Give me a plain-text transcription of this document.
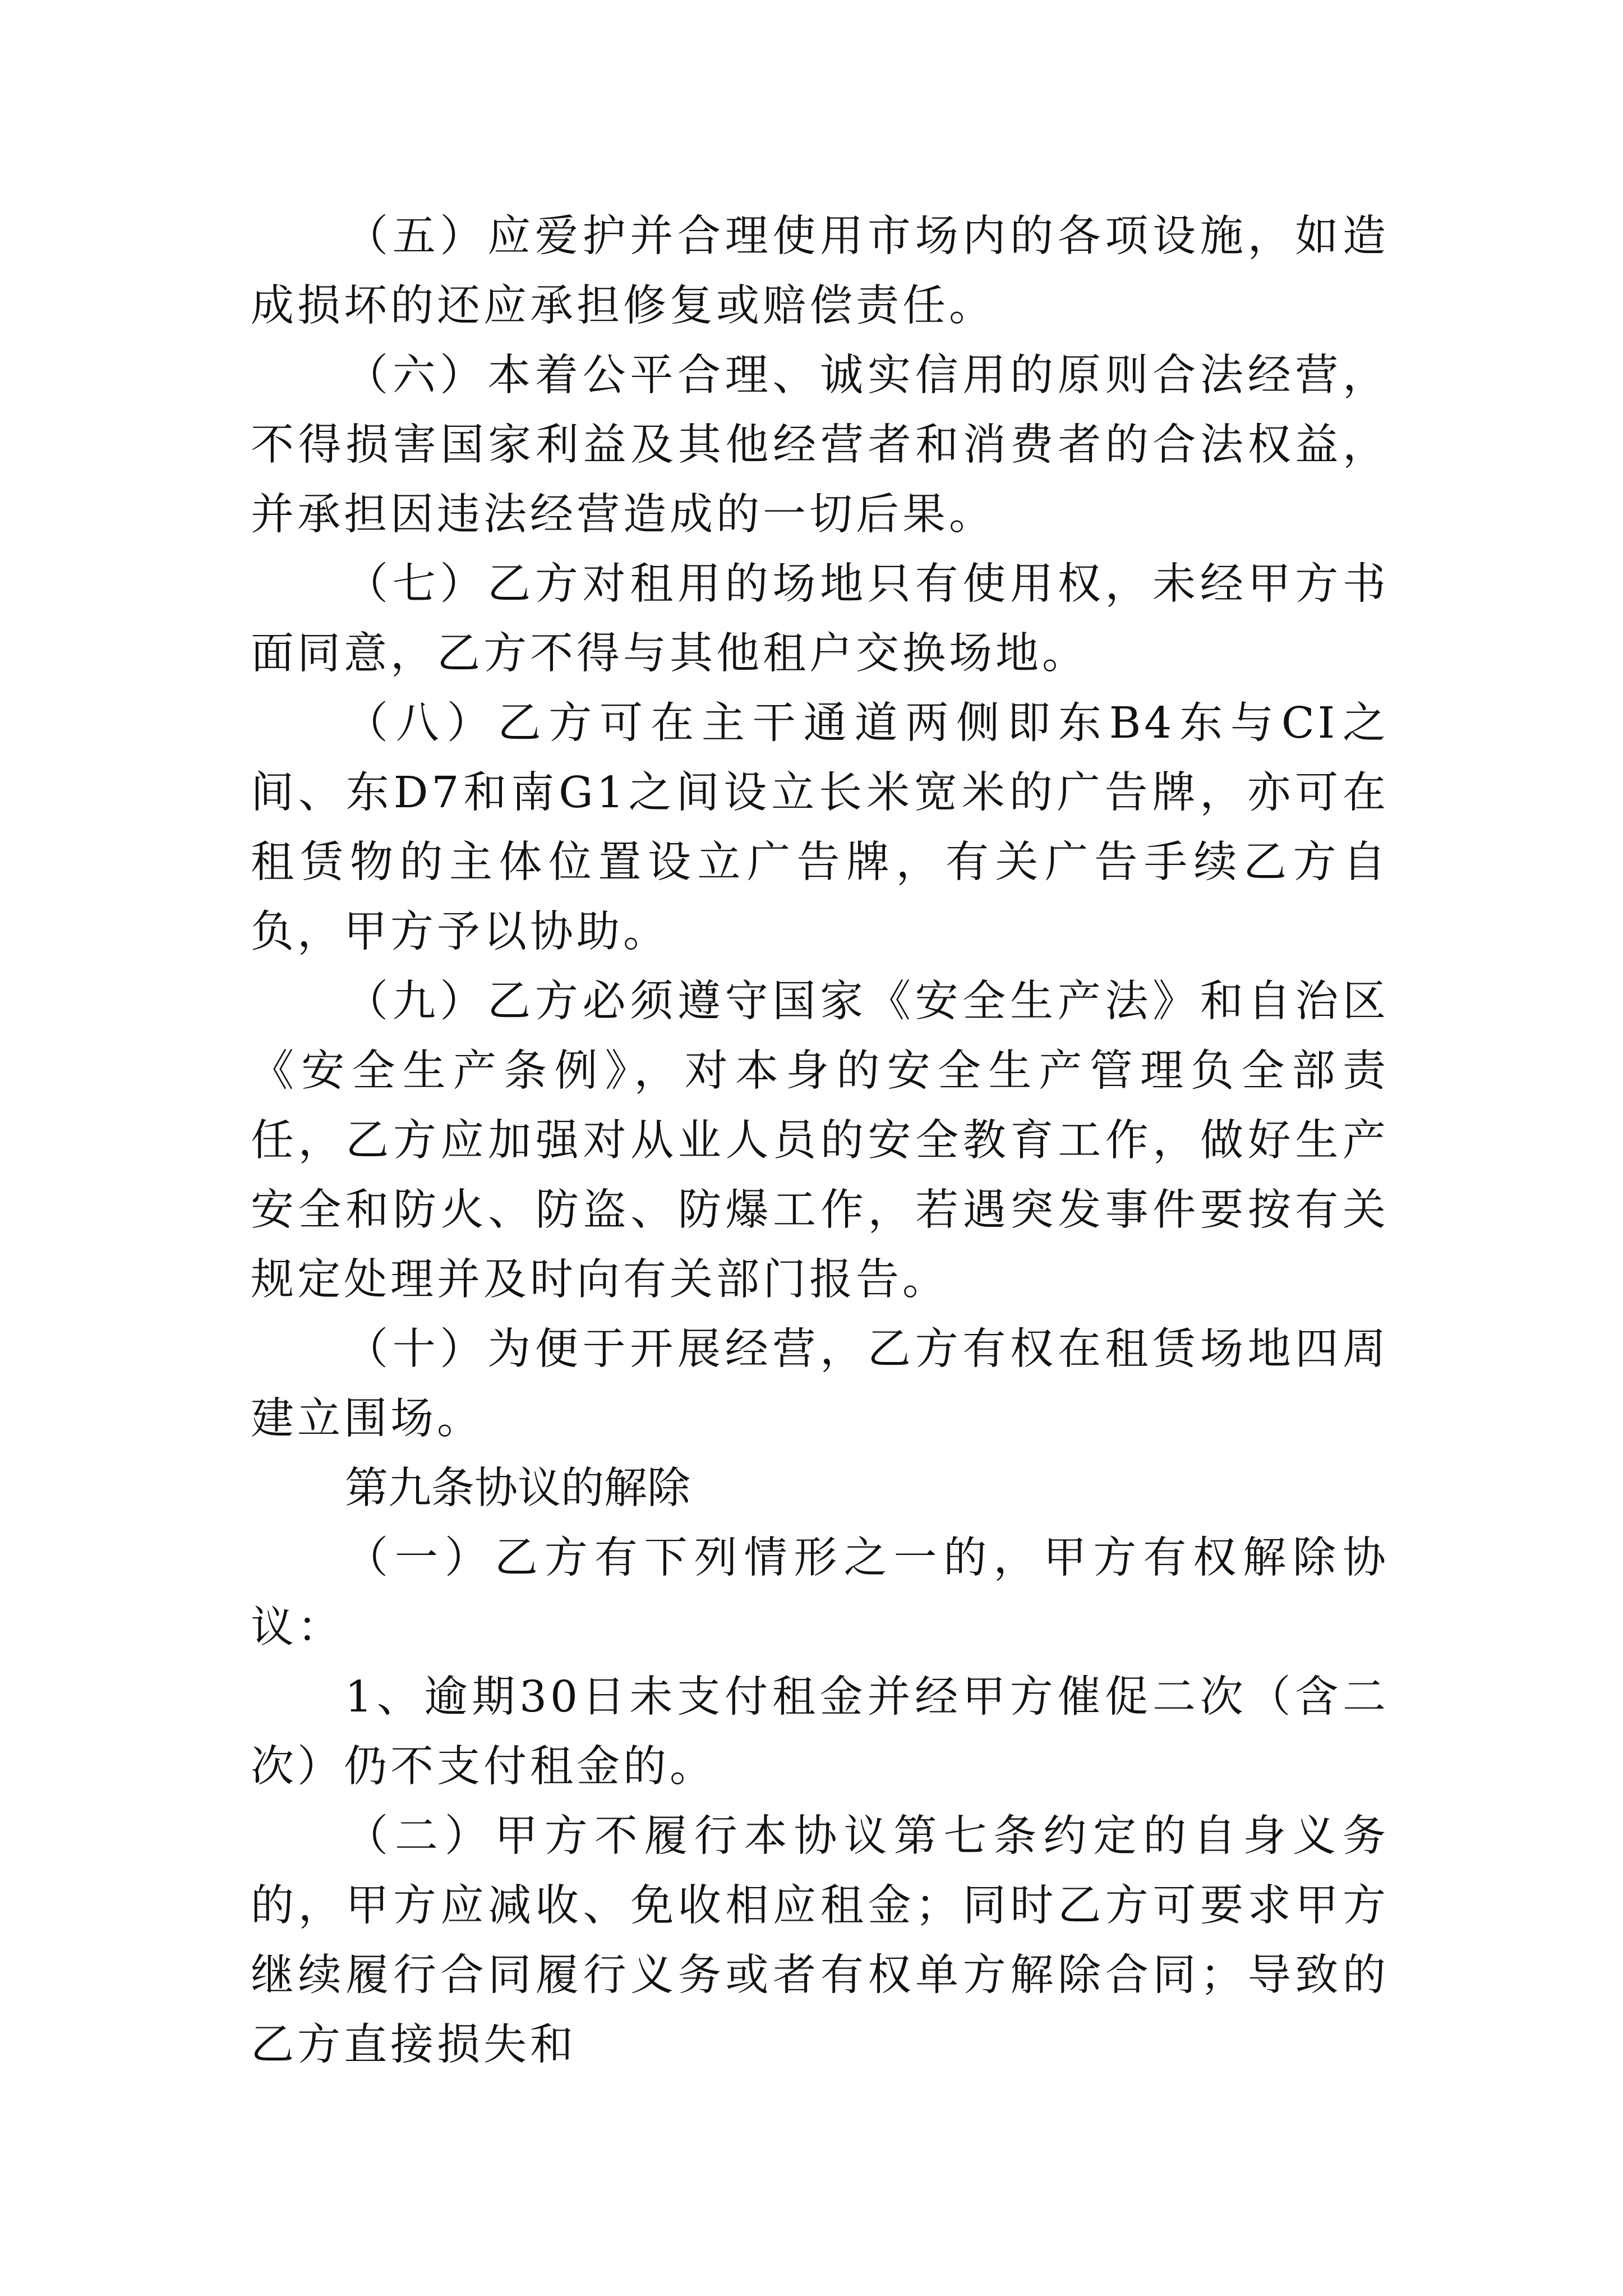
（五）应爱护并合理使用市场内的各项设施，如造成损坏的还应承担修复或赔偿责任。

（六）本着公平合理、诚实信用的原则合法经营，不得损害国家利益及其他经营者和消费者的合法权益，并承担因违法经营造成的一切后果。

（七）乙方对租用的场地只有使用权，未经甲方书面同意，乙方不得与其他租户交换场地。

（八）乙方可在主干通道两侧即东B4东与CI之间、东D7和南G1之间设立长米宽米的广告牌，亦可在租赁物的主体位置设立广告牌，有关广告手续乙方自负，甲方予以协助。

（九）乙方必须遵守国家《安全生产法》和自治区《安全生产条例》，对本身的安全生产管理负全部责任，乙方应加强对从业人员的安全教育工作，做好生产安全和防火、防盗、防爆工作，若遇突发事件要按有关规定处理并及时向有关部门报告。

（十）为便于开展经营，乙方有权在租赁场地四周建立围场。

第九条协议的解除

（一）乙方有下列情形之一的，甲方有权解除协议：

1、逾期30日未支付租金并经甲方催促二次（含二次）仍不支付租金的。

（二）甲方不履行本协议第七条约定的自身义务的，甲方应减收、免收相应租金；同时乙方可要求甲方继续履行合同履行义务或者有权单方解除合同；导致的乙方直接损失和
